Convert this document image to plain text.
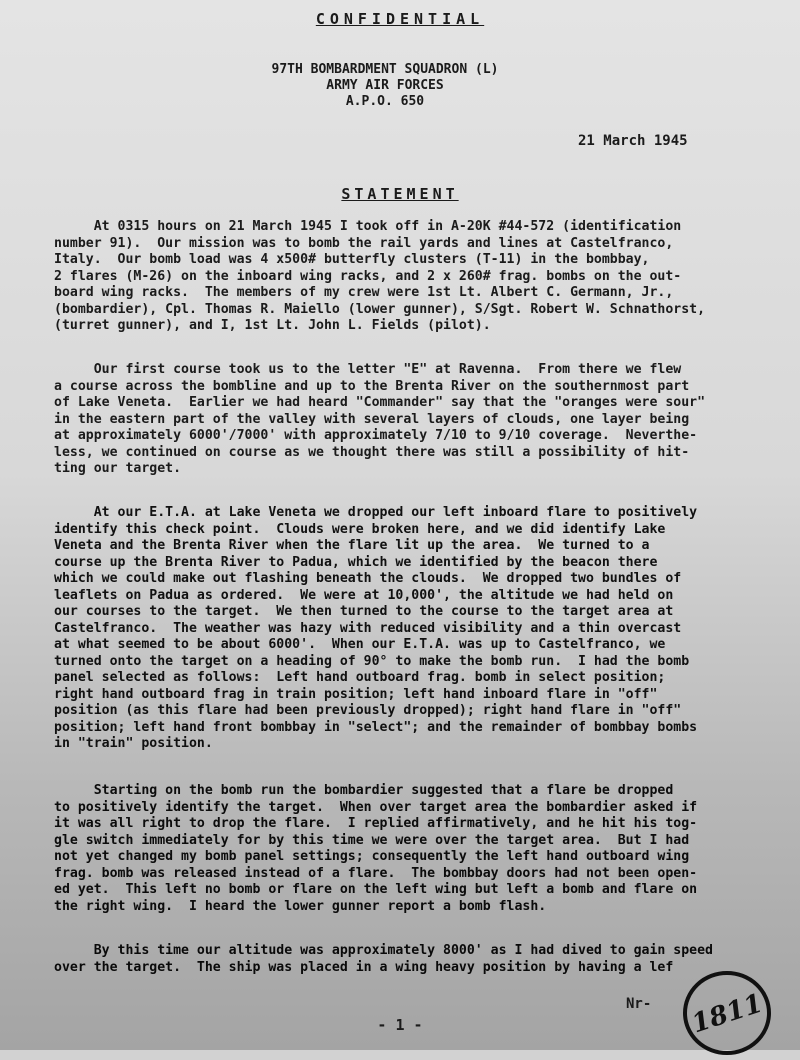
CONFIDENTIAL
97TH BOMBARDMENT SQUADRON (L)
ARMY AIR FORCES
A.P.O. 650
21 March 1945
STATEMENT

At 0315 hours on 21 March 1945 I took off in A-20K #44-572 (identification
number 91).  Our mission was to bomb the rail yards and lines at Castelfranco,
Italy.  Our bomb load was 4 x500# butterfly clusters (T-11) in the bombbay,
2 flares (M-26) on the inboard wing racks, and 2 x 260# frag. bombs on the out-
board wing racks.  The members of my crew were 1st Lt. Albert C. Germann, Jr.,
(bombardier), Cpl. Thomas R. Maiello (lower gunner), S/Sgt. Robert W. Schnathorst,
(turret gunner), and I, 1st Lt. John L. Fields (pilot).

Our first course took us to the letter "E" at Ravenna.  From there we flew
a course across the bombline and up to the Brenta River on the southernmost part
of Lake Veneta.  Earlier we had heard "Commander" say that the "oranges were sour"
in the eastern part of the valley with several layers of clouds, one layer being
at approximately 6000'/7000' with approximately 7/10 to 9/10 coverage.  Neverthe-
less, we continued on course as we thought there was still a possibility of hit-
ting our target.

At our E.T.A. at Lake Veneta we dropped our left inboard flare to positively
identify this check point.  Clouds were broken here, and we did identify Lake
Veneta and the Brenta River when the flare lit up the area.  We turned to a
course up the Brenta River to Padua, which we identified by the beacon there
which we could make out flashing beneath the clouds.  We dropped two bundles of
leaflets on Padua as ordered.  We were at 10,000', the altitude we had held on
our courses to the target.  We then turned to the course to the target area at
Castelfranco.  The weather was hazy with reduced visibility and a thin overcast
at what seemed to be about 6000'.  When our E.T.A. was up to Castelfranco, we
turned onto the target on a heading of 90° to make the bomb run.  I had the bomb
panel selected as follows:  Left hand outboard frag. bomb in select position;
right hand outboard frag in train position; left hand inboard flare in "off"
position (as this flare had been previously dropped); right hand flare in "off"
position; left hand front bombbay in "select"; and the remainder of bombbay bombs
in "train" position.

Starting on the bomb run the bombardier suggested that a flare be dropped
to positively identify the target.  When over target area the bombardier asked if
it was all right to drop the flare.  I replied affirmatively, and he hit his tog-
gle switch immediately for by this time we were over the target area.  But I had
not yet changed my bomb panel settings; consequently the left hand outboard wing
frag. bomb was released instead of a flare.  The bombbay doors had not been open-
ed yet.  This left no bomb or flare on the left wing but left a bomb and flare on
the right wing.  I heard the lower gunner report a bomb flash.

By this time our altitude was approximately 8000' as I had dived to gain speed
over the target.  The ship was placed in a wing heavy position by having a lef

- 1 -
Nr- 1811
